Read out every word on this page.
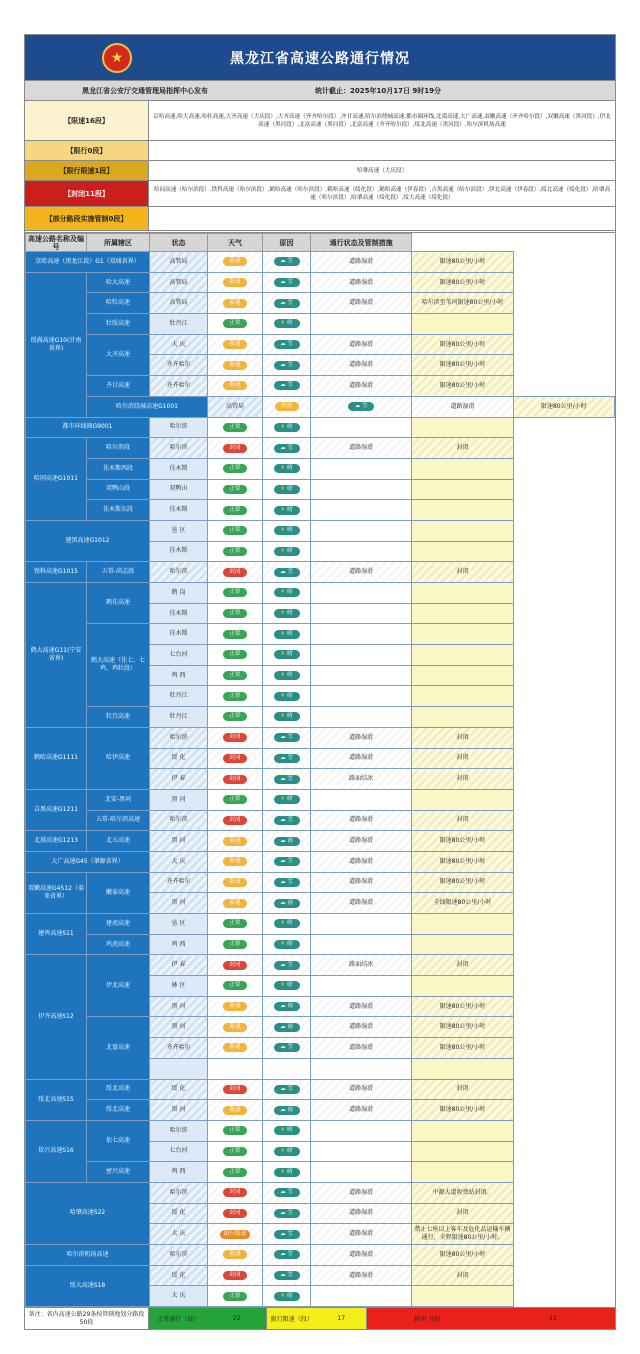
★	黑龙江省高速公路通行情况
黑龙江省公安厅交通管理局指挥中心发布	统计截止：2025年10月17日 9时19分
【限速16段】	京哈高速,哈大高速,哈牡高速,大齐高速（大庆段）,大齐高速（齐齐哈尔段）,齐甘高速,哈尔滨绕城高速,都市圈环线,北漠高速,大广高速,双嫩高速（齐齐哈尔段）,双嫩高速（黑河段）,伊北高速（黑河段）,北富高速（黑河段）,北富高速（齐齐哈尔段）,绥北高速（黑河段）,哈尔滨机场高速
【限行0段】
【限行限速1段】	哈肇高速（大庆段）
【封闭11段】	哈同高速（哈尔滨段）,铁科高速（哈尔滨段）,鹤哈高速（哈尔滨段）,鹤哈高速（绥化段）,鹤哈高速（伊春段）,吉黑高速（哈尔滨段）,伊北高速（伊春段）,绥北高速（绥化段）,哈肇高速（哈尔滨段）,哈肇高速（绥化段）,绥大高速（绥化段）
【部分路段实施管制0段】
高速公路名称及编号	所属辖区	状态	天气	原因	通行状态及管制措施		
京哈高速（黑龙江段）G1（双城省界）		高管局	限速	☁ 雪	道路湿滑	限速80公里/小时	
绥满高速G10(甘南省界)	哈大高速	高管局	限速	☁ 雪	道路湿滑	限速80公里/小时	
	哈牡高速	高管局	限速	☁ 雪	道路湿滑	哈尔滨至苇河限速80公里/小时	
	牡绥高速	牡丹江	正常	☀ 晴			
	大齐高速	大 庆	限速	☁ 雪	道路湿滑	限速80公里/小时	
		齐齐哈尔	限速	☁ 雪	道路湿滑	限速80公里/小时	
	齐甘高速	齐齐哈尔	限速	☁ 雪	道路湿滑	限速80公里/小时	
	哈尔滨绕城高速G1001		高管局	限速	☁ 雪	道路湿滑	限速80公里/小时
都市环线圈G9001		哈尔滨	正常	☀ 晴			
哈同高速G1011	哈尔滨段	哈尔滨	封闭	☁ 雪	道路湿滑	封闭	
	佳木斯西段	佳木斯	正常	☀ 晴			
	双鸭山段	双鸭山	正常	☀ 晴			
	佳木斯东段	佳木斯	正常	☀ 晴			
建黑高速G1012		垦 区	正常	☀ 晴			
		佳木斯	正常	☀ 晴			
铁科高速G1015	五常-尚志段	哈尔滨	封闭	☁ 雪	道路湿滑	封闭	
鹤大高速G11(宁安省界)	鹤佳高速	鹤 岗	正常	☀ 晴			
		佳木斯	正常	☀ 晴			
	鹤大高速（佳七、七鸡、鸡牡段）	佳木斯	正常	☀ 晴			
		七台河	正常	☀ 晴			
		鸡 西	正常	☀ 晴			
		牡丹江	正常	☀ 晴			
	牡宜高速	牡丹江	正常	☀ 晴			
鹤哈高速G1111	哈伊高速	哈尔滨	封闭	☁ 雪	道路湿滑	封闭	
		绥 化	封闭	☁ 雪	道路湿滑	封闭	
		伊 春	封闭	☁ 雪	路面结冰	封闭	
吉黑高速G1211	北安-黑河	黑 河	正常	☀ 晴			
	五常-哈尔滨高速	哈尔滨	封闭	☁ 雪	道路湿滑	封闭	
北漠高速G1213	北五高速	黑 河	限速	☁ 雨	道路湿滑	限速80公里/小时	
大广高速G45（肇源省界）		大 庆	限速	☁ 雪	道路湿滑	限速80公里/小时	
双嫩高速G4512（泰来省界）	嫩泰高速	齐齐哈尔	限速	☁ 雪	道路湿滑	限速80公里/小时	
		黑 河	限速	☁ 雨	道路湿滑	全线限速80公里/小时	
建鸡高速S11	建虎高速	垦 区	正常	☀ 晴			
	鸡虎高速	鸡 西	正常	☀ 晴			
伊齐高速S12	伊北高速	伊 春	封闭	☁ 雪	路面结冰	封闭	
		林 区	正常	☀ 晴			
		黑 河	限速	☁ 雨	道路湿滑	限速80公里/小时	
	北富高速	黑 河	限速	☁ 雨	道路湿滑	限速80公里/小时	
		齐齐哈尔	限速	☁ 雪	道路湿滑	限速80公里/小时	

绥北高速S15	绥北高速	绥 化	封闭	☁ 雪	道路湿滑	封闭	
	绥北高速	黑 河	限速	☁ 雨	道路湿滑	限速80公里/小时	
依兴高速S16	依七高速	哈尔滨	正常	☀ 晴			
		七台河	正常	☀ 晴			
	密兴高速	鸡 西	正常	☀ 晴			
哈肇高速S22		哈尔滨	封闭	☁ 雪	道路湿滑	中源大道收费站封闭。	
		绥 化	封闭	☁ 雪	道路湿滑	封闭	
		大 庆	限行限速	☁ 雪	道路湿滑	禁止七座以上客车及危化品运输车辆通行，全程限速80公里/小时。	
哈尔滨机场高速		哈尔滨	限速	☁ 雪	道路湿滑	限速80公里/小时	
绥大高速S18		绥 化	封闭	☁ 雪	道路湿滑	封闭	
		大 庆	正常	☀ 晴			
备注：省内高速公路29条按管辖地划分路段50段	正常通行（段）	22	限行限速（段）	17	封闭（段）	11
